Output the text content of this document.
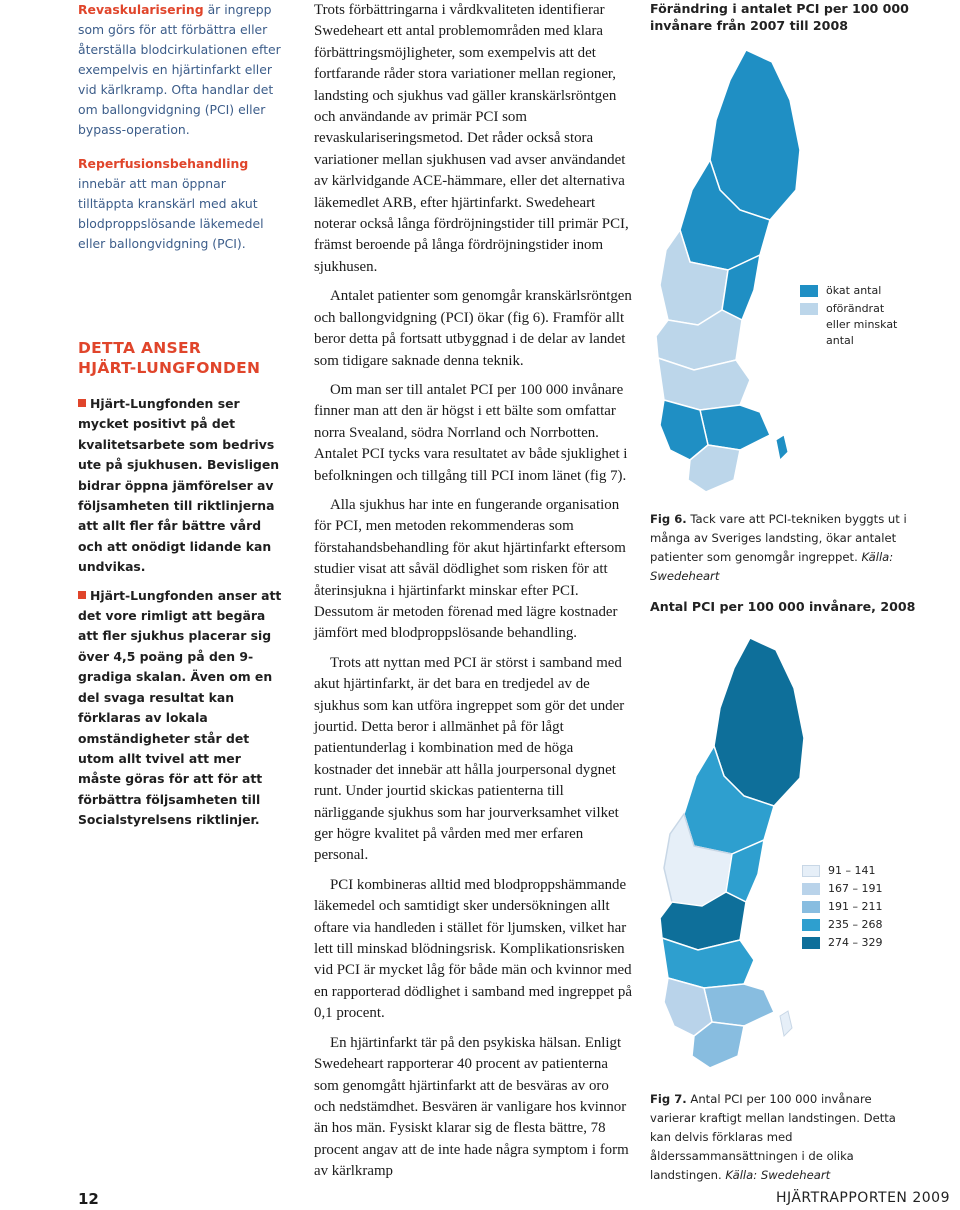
Revaskularisering är ingrepp som görs för att förbättra eller återställa blodcirkulationen efter exempelvis en hjärtinfarkt eller vid kärlkramp. Ofta handlar det om ballongvidgning (PCI) eller bypass-operation.

Reperfusionsbehandling innebär att man öppnar tilltäppta kranskärl med akut blodproppslösande läkemedel eller ballongvidgning (PCI).

DETTA ANSER
HJÄRT-LUNGFONDEN

Hjärt-Lungfonden ser mycket positivt på det kvalitetsarbete som bedrivs ute på sjukhusen. Bevisligen bidrar öppna jämförelser av följsamheten till riktlinjerna att allt fler får bättre vård och att onödigt lidande kan undvikas.

Hjärt-Lungfonden anser att det vore rimligt att begära att fler sjukhus placerar sig över 4,5 poäng på den 9-gradiga skalan. Även om en del svaga resultat kan förklaras av lokala omständigheter står det utom allt tvivel att mer måste göras för att för att förbättra följsamheten till Socialstyrelsens riktlinjer.

Trots förbättringarna i vårdkvaliteten identifierar Swedeheart ett antal problemområden med klara förbättringsmöjligheter, som exempelvis att det fortfarande råder stora variationer mellan regioner, landsting och sjukhus vad gäller kranskärlsröntgen och användande av primär PCI som revaskulariseringsmetod. Det råder också stora variationer mellan sjukhusen vad avser användandet av kärlvidgande ACE-hämmare, eller det alternativa läkemedlet ARB, efter hjärtinfarkt. Swedeheart noterar också långa fördröjningstider till primär PCI, främst beroende på långa fördröjningstider inom sjukhusen.

Antalet patienter som genomgår kranskärlsröntgen och ballongvidgning (PCI) ökar (fig 6). Framför allt beror detta på fortsatt utbyggnad i de delar av landet som tidigare saknade denna teknik.

Om man ser till antalet PCI per 100 000 invånare finner man att den är högst i ett bälte som omfattar norra Svealand, södra Norrland och Norrbotten. Antalet PCI tycks vara resultatet av både sjuklighet i befolkningen och tillgång till PCI inom länet (fig 7).

Alla sjukhus har inte en fungerande organisation för PCI, men metoden rekommenderas som förstahandsbehandling för akut hjärtinfarkt eftersom studier visat att såväl dödlighet som risken för att återinsjukna i hjärtinfarkt minskar efter PCI. Dessutom är metoden förenad med lägre kostnader jämfört med blodproppslösande behandling.

Trots att nyttan med PCI är störst i samband med akut hjärtinfarkt, är det bara en tredjedel av de sjukhus som kan utföra ingreppet som gör det under jourtid. Detta beror i allmänhet på för lågt patientunderlag i kombination med de höga kostnader det innebär att hålla jourpersonal dygnet runt. Under jourtid skickas patienterna till närliggande sjukhus som har jourverksamhet vilket ger högre kvalitet på vården med mer erfaren personal.

PCI kombineras alltid med blodproppshämmande läkemedel och samtidigt sker undersökningen allt oftare via handleden i stället för ljumsken, vilket har lett till minskad blödningsrisk. Komplikationsrisken vid PCI är mycket låg för både män och kvinnor med en rapporterad dödlighet i samband med ingreppet på 0,1 procent.

En hjärtinfarkt tär på den psykiska hälsan. Enligt Swedeheart rapporterar 40 procent av patienterna som genomgått hjärtinfarkt att de besväras av oro och nedstämdhet. Besvären är vanligare hos kvinnor än hos män. Fysiskt klarar sig de flesta bättre, 78 procent angav att de inte hade några symptom i form av kärlkramp

Förändring i antalet PCI per 100 000 invånare från 2007 till 2008
ökat antal
oförändrat
eller minskat
antal
Fig 6. Tack vare att PCI-tekniken byggts ut i många av Sveriges landsting, ökar antalet patienter som genomgår ingreppet. Källa: Swedeheart
Antal PCI per 100 000 invånare, 2008
91 – 141
167 – 191
191 – 211
235 – 268
274 – 329
Fig 7. Antal PCI per 100 000 invånare varierar kraftigt mellan landstingen. Detta kan delvis förklaras med ålderssammansättningen i de olika landstingen. Källa: Swedeheart
12	HJÄRTRAPPORTEN 2009
